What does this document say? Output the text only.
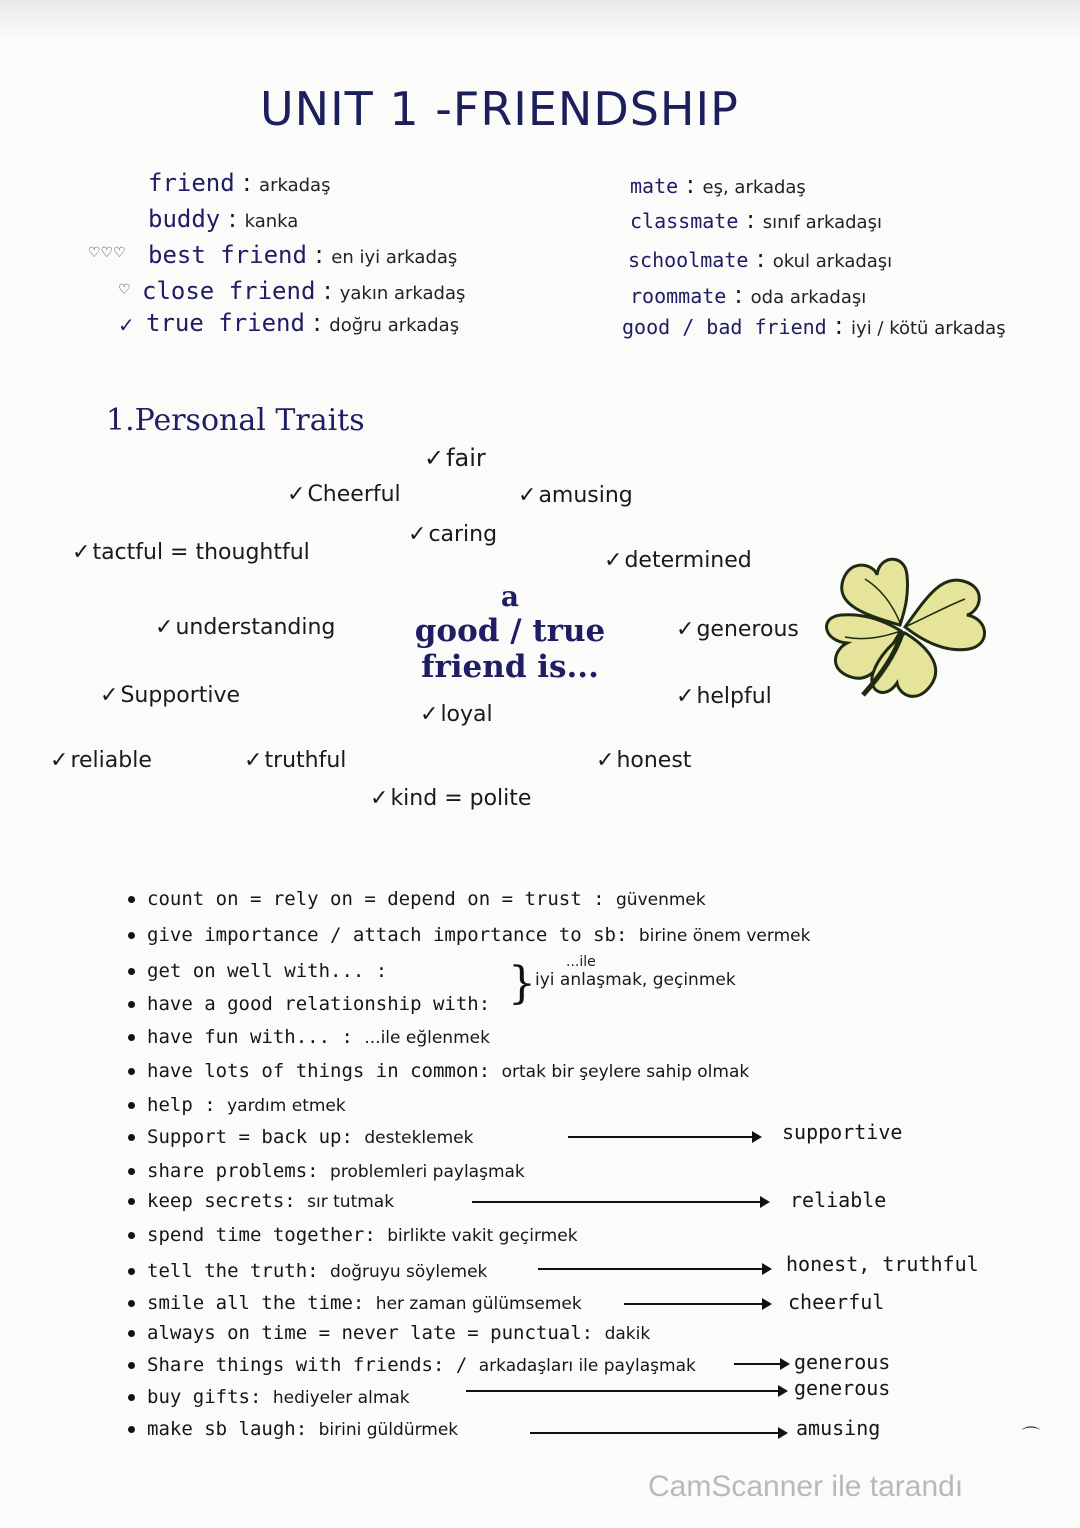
UNIT 1 -FRIENDSHIP
♡♡♡
♡
✓
friend : arkadaş
buddy : kanka
best friend : en iyi arkadaş
close friend : yakın arkadaş
true friend : doğru arkadaş
mate : eş, arkadaş
classmate : sınıf arkadaşı
schoolmate : okul arkadaşı
roommate : oda arkadaşı
good / bad friend : iyi / kötü arkadaş
1.Personal Traits
✓fair
✓Cheerful	✓amusing
✓caring
✓tactful = thoughtful	✓determined
✓understanding	✓generous
✓Supportive	✓helpful
✓loyal
✓reliable	✓truthful	✓honest
✓kind = polite
a
good / true
friend is...
count on = rely on = depend on = trust : güvenmek
give importance / attach importance to sb: birine önem vermek
get on well with... :
have a good relationship with: } ...ile
iyi anlaşmak, geçinmek
have fun with... : ...ile eğlenmek
have lots of things in common: ortak bir şeylere sahip olmak
help : yardım etmek
Support = back up: desteklemek	supportive
share problems: problemleri paylaşmak
keep secrets: sır tutmak	reliable
spend time together: birlikte vakit geçirmek
tell the truth: doğruyu söylemek	honest, truthful
smile all the time: her zaman gülümsemek	cheerful
always on time = never late = punctual: dakik
Share things with friends: / arkadaşları ile paylaşmak	generous
buy gifts: hediyeler almak	generous
make sb laugh: birini güldürmek	amusing	⌒
CamScanner ile tarandı
